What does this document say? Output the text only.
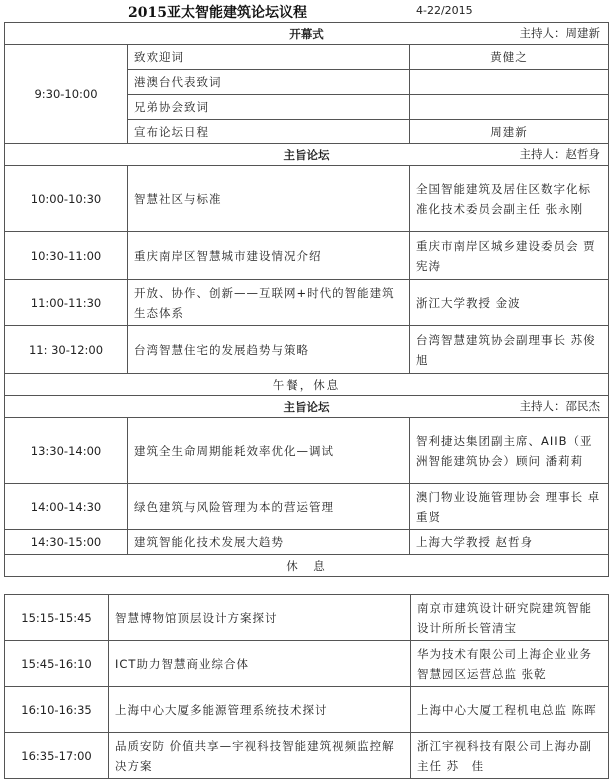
2015亚太智能建筑论坛议程	4-22/2015
开幕式 主持人：周建新		

9:30-10:00	致欢迎词	黄健之
	港澳台代表致词	
	兄弟协会致词	
	宣布论坛日程	周建新
主旨论坛 主持人：赵哲身		

10:00-10:30	智慧社区与标准	全国智能建筑及居住区数字化标准化技术委员会副主任 张永刚
10:30-11:00	重庆南岸区智慧城市建设情况介绍	重庆市南岸区城乡建设委员会 贾宪涛
11:00-11:30	开放、协作、创新——互联网+时代的智能建筑生态体系	浙江大学教授 金波
11: 30-12:00	台湾智慧住宅的发展趋势与策略	台湾智慧建筑协会副理事长 苏俊旭
午餐，休息		
主旨论坛 主持人：邵民杰		

13:30-14:00	建筑全生命周期能耗效率优化—调试	智利捷达集团副主席、AIIB（亚洲智能建筑协会）顾问 潘莉莉
14:00-14:30	绿色建筑与风险管理为本的营运管理	澳门物业设施管理协会 理事长 卓重贤
14:30-15:00	建筑智能化技术发展大趋势	上海大学教授 赵哲身
休　息		
15:15-15:45	智慧博物馆顶层设计方案探讨	南京市建筑设计研究院建筑智能设计所所长管清宝
15:45-16:10	ICT助力智慧商业综合体	华为技术有限公司上海企业业务智慧园区运营总监 张乾
16:10-16:35	上海中心大厦多能源管理系统技术探讨	上海中心大厦工程机电总监 陈晖
16:35-17:00	品质安防 价值共享—宇视科技智能建筑视频监控解决方案	浙江宇视科技有限公司上海办副主任 苏　佳
